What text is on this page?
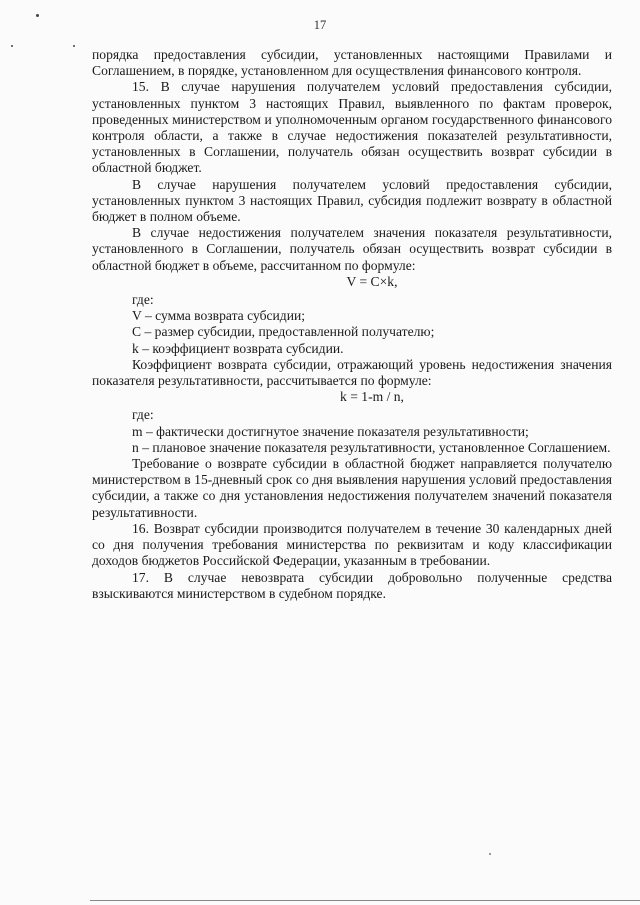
17

порядка предоставления субсидии, установленных настоящими Правилами и Соглашением, в порядке, установленном для осуществления финансового контроля.

15. В случае нарушения получателем условий предоставления субсидии, установленных пунктом 3 настоящих Правил, выявленного по фактам проверок, проведенных министерством и уполномоченным органом государственного финансового контроля области, а также в случае недостижения показателей результативности, установленных в Соглашении, получатель обязан осуществить возврат субсидии в областной бюджет.

В случае нарушения получателем условий предоставления субсидии, установленных пунктом 3 настоящих Правил, субсидия подлежит возврату в областной бюджет в полном объеме.

В случае недостижения получателем значения показателя результативности, установленного в Соглашении, получатель обязан осуществить возврат субсидии в областной бюджет в объеме, рассчитанном по формуле:

V = C×k,

где:

V – сумма возврата субсидии;

C – размер субсидии, предоставленной получателю;

k – коэффициент возврата субсидии.

Коэффициент возврата субсидии, отражающий уровень недостижения значения показателя результативности, рассчитывается по формуле:

k = 1-m / n,

где:

m – фактически достигнутое значение показателя результативности;

n – плановое значение показателя результативности, установленное Соглашением.

Требование о возврате субсидии в областной бюджет направляется получателю министерством в 15-дневный срок со дня выявления нарушения условий предоставления субсидии, а также со дня установления недостижения получателем значений показателя результативности.

16. Возврат субсидии производится получателем в течение 30 календарных дней со дня получения требования министерства по реквизитам и коду классификации доходов бюджетов Российской Федерации, указанным в требовании.

17. В случае невозврата субсидии добровольно полученные средства взыскиваются министерством в судебном порядке.
